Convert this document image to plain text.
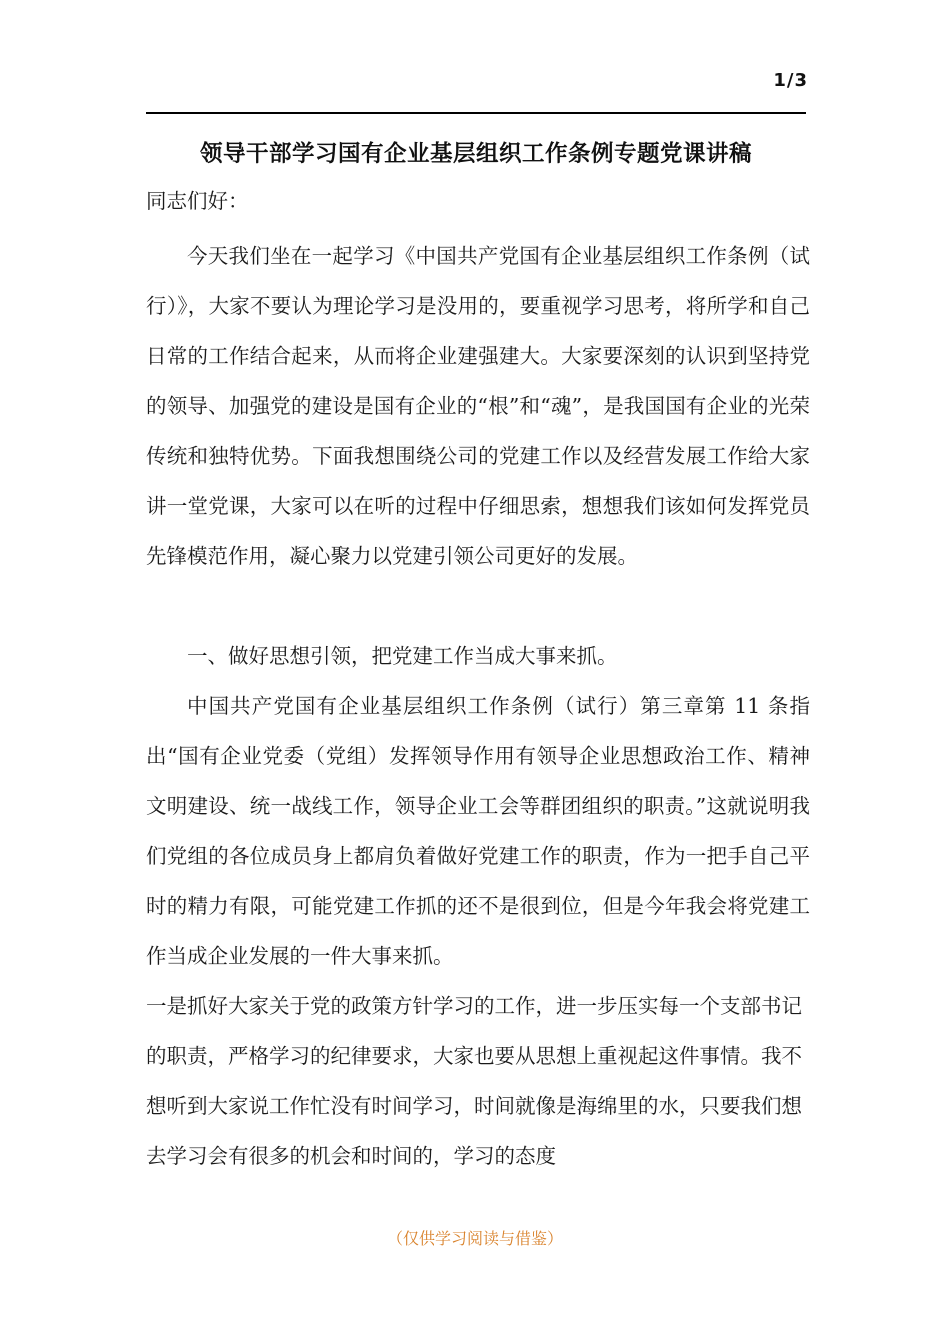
1/3
领导干部学习国有企业基层组织工作条例专题党课讲稿

同志们好：

今天我们坐在一起学习《中国共产党国有企业基层组织工作条例（试行）》，大家不要认为理论学习是没用的，要重视学习思考，将所学和自己日常的工作结合起来，从而将企业建强建大。大家要深刻的认识到坚持党的领导、加强党的建设是国有企业的“根”和“魂”，是我国国有企业的光荣传统和独特优势。下面我想围绕公司的党建工作以及经营发展工作给大家讲一堂党课，大家可以在听的过程中仔细思索，想想我们该如何发挥党员先锋模范作用，凝心聚力以党建引领公司更好的发展。

一、做好思想引领，把党建工作当成大事来抓。

中国共产党国有企业基层组织工作条例（试行）第三章第 11 条指出“国有企业党委（党组）发挥领导作用有领导企业思想政治工作、精神文明建设、统一战线工作，领导企业工会等群团组织的职责。”这就说明我们党组的各位成员身上都肩负着做好党建工作的职责，作为一把手自己平时的精力有限，可能党建工作抓的还不是很到位，但是今年我会将党建工作当成企业发展的一件大事来抓。

一是抓好大家关于党的政策方针学习的工作，进一步压实每一个支部书记的职责，严格学习的纪律要求，大家也要从思想上重视起这件事情。我不想听到大家说工作忙没有时间学习，时间就像是海绵里的水，只要我们想去学习会有很多的机会和时间的，学习的态度

（仅供学习阅读与借鉴）
